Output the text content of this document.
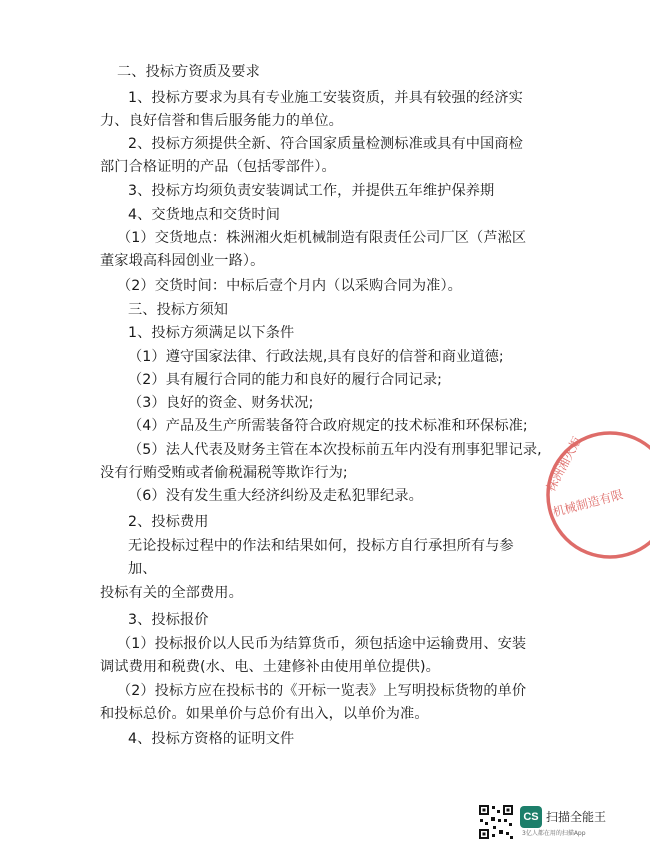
二、投标方资质及要求
1、投标方要求为具有专业施工安装资质，并具有较强的经济实
力、良好信誉和售后服务能力的单位。
2、投标方须提供全新、符合国家质量检测标准或具有中国商检
部门合格证明的产品（包括零部件）。
3、投标方均须负责安装调试工作，并提供五年维护保养期
4、交货地点和交货时间
（1）交货地点：株洲湘火炬机械制造有限责任公司厂区（芦淞区
董家塅高科园创业一路）。
（2）交货时间：中标后壹个月内（以采购合同为准）。
三、投标方须知
1、投标方须满足以下条件
（1）遵守国家法律、行政法规,具有良好的信誉和商业道德;
（2）具有履行合同的能力和良好的履行合同记录;
（3）良好的资金、财务状况;
（4）产品及生产所需装备符合政府规定的技术标准和环保标准;
（5）法人代表及财务主管在本次投标前五年内没有刑事犯罪记录,
没有行贿受贿或者偷税漏税等欺诈行为;
（6）没有发生重大经济纠纷及走私犯罪纪录。
2、投标费用
无论投标过程中的作法和结果如何，投标方自行承担所有与参
加、
投标有关的全部费用。
3、投标报价
（1）投标报价以人民币为结算货币，须包括途中运输费用、安装
调试费用和税费(水、电、土建修补由使用单位提供)。
（2）投标方应在投标书的《开标一览表》上写明投标货物的单价
和投标总价。如果单价与总价有出入，以单价为准。
4、投标方资格的证明文件
株洲湘火炬
机械制造有限
CS 扫描全能王
3亿人都在用的扫描App
